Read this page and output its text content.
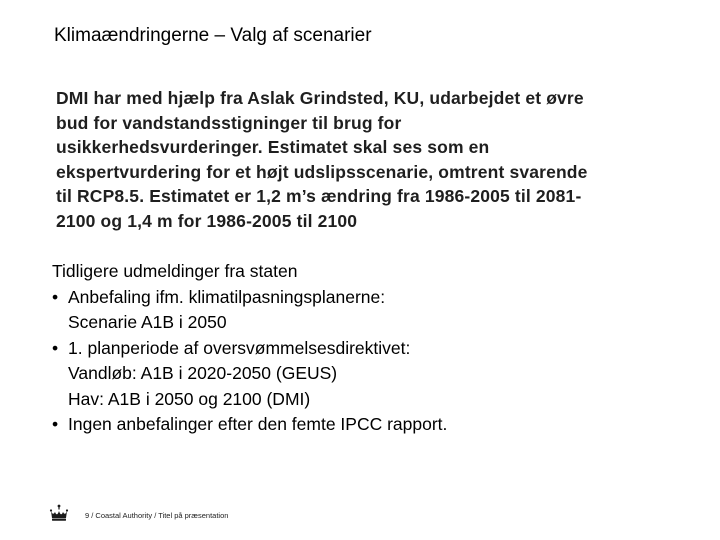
Klimaændringerne – Valg af scenarier
DMI har med hjælp fra Aslak Grindsted, KU, udarbejdet et øvre
bud for vandstandsstigninger til brug for
usikkerhedsvurderinger. Estimatet skal ses som en
ekspertvurdering for et højt udslipsscenarie, omtrent svarende
til RCP8.5. Estimatet er 1,2 m’s ændring fra 1986-2005 til 2081-
2100 og 1,4 m for 1986-2005 til 2100
Tidligere udmeldinger fra staten
• Anbefaling ifm. klimatilpasningsplanerne:
Scenarie A1B i 2050
• 1. planperiode af oversvømmelsesdirektivet:
Vandløb: A1B i 2020-2050 (GEUS)
Hav: A1B i 2050 og 2100 (DMI)
• Ingen anbefalinger efter den femte IPCC rapport.
9 / Coastal Authority / Titel på præsentation
